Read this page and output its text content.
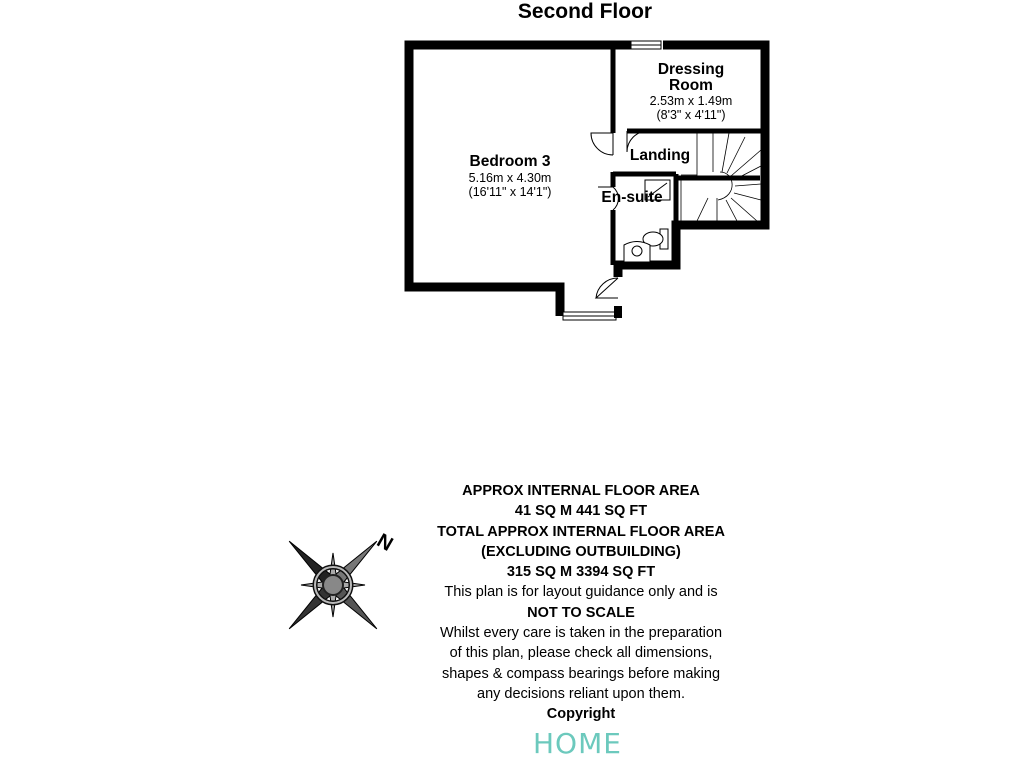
Second Floor
Bedroom 3
5.16m x 4.30m
(16'11" x 14'1")
Dressing
Room
2.53m x 1.49m
(8'3" x 4'11")
Landing
En-suite
N
APPROX INTERNAL FLOOR AREA
41 SQ M 441 SQ FT
TOTAL APPROX INTERNAL FLOOR AREA
(EXCLUDING OUTBUILDING)
315 SQ M 3394 SQ FT
This plan is for layout guidance only and is
NOT TO SCALE
Whilst every care is taken in the preparation
of this plan, please check all dimensions,
shapes & compass bearings before making
any decisions reliant upon them.
Copyright
HOME
